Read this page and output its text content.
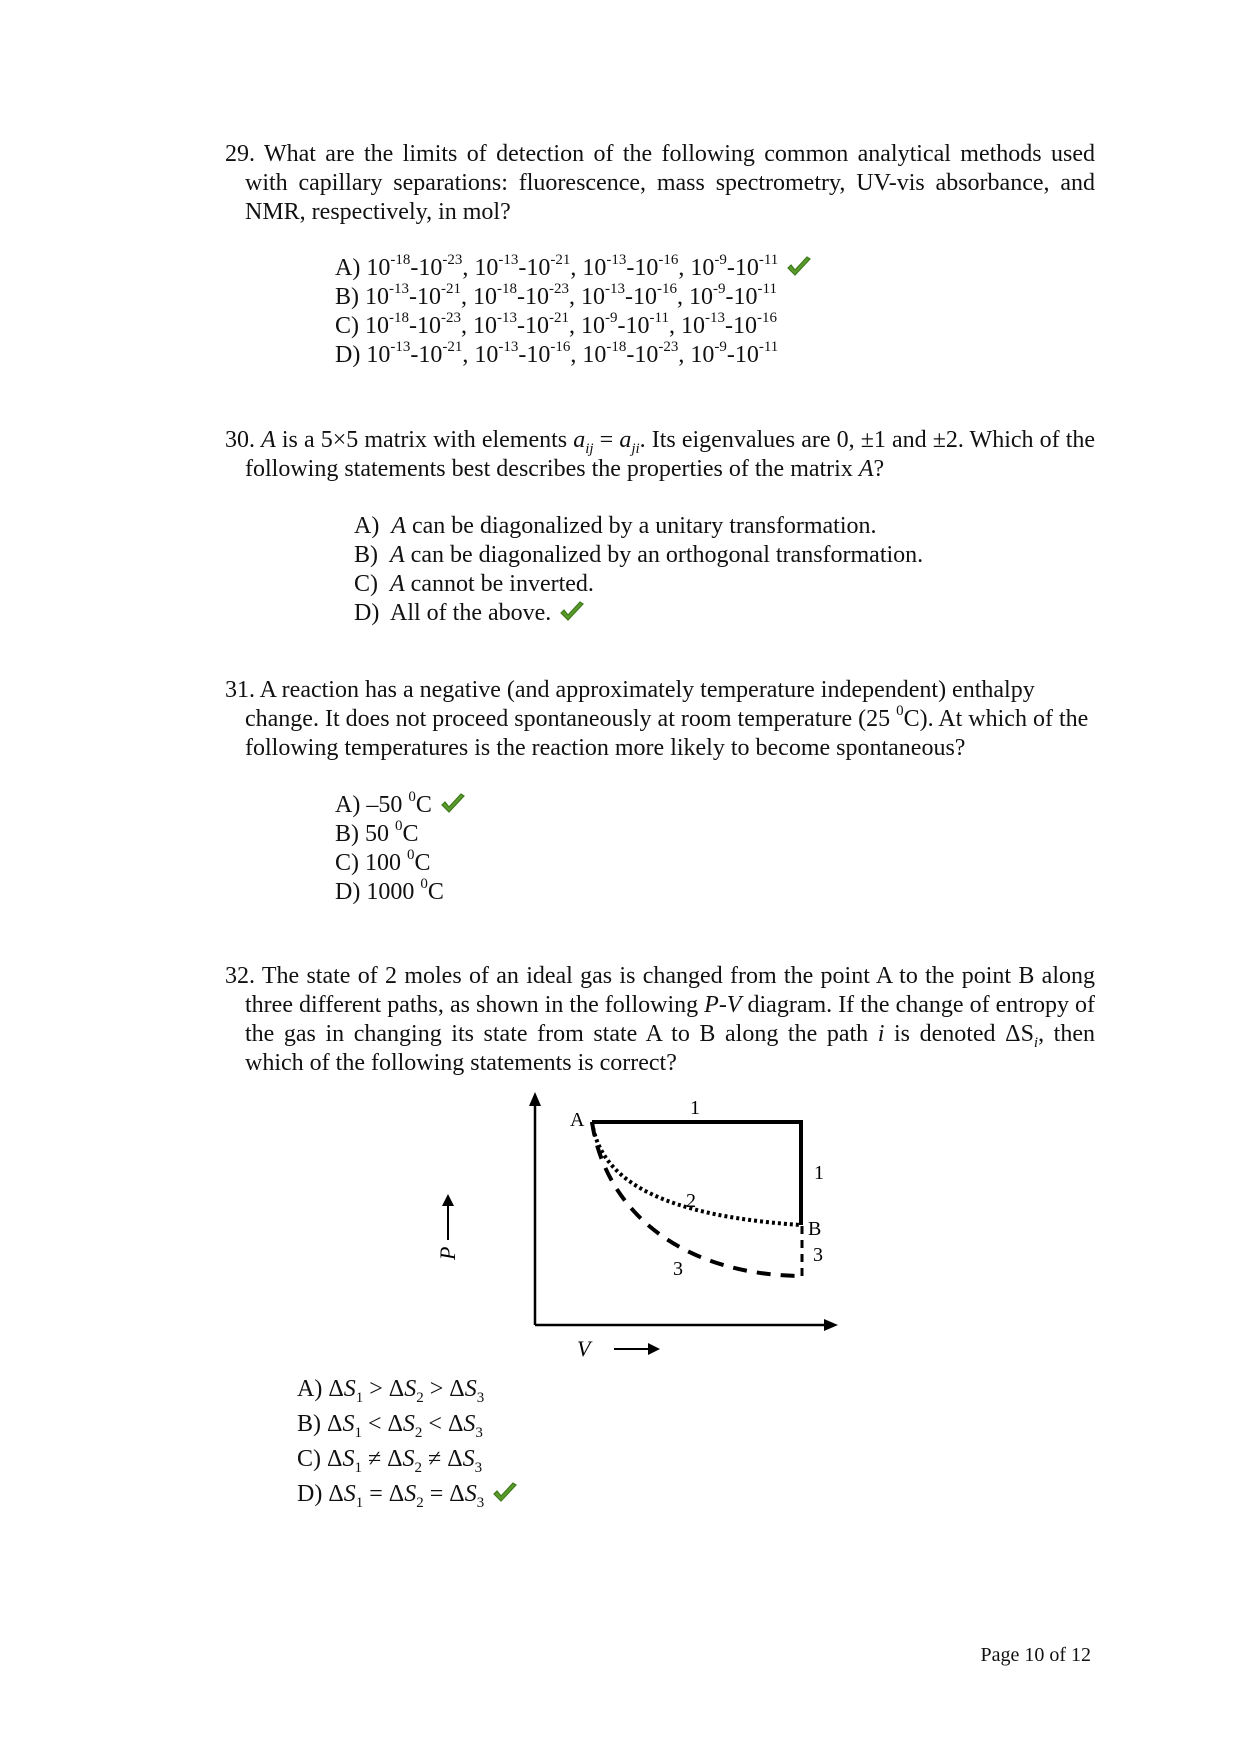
29. What are the limits of detection of the following common analytical methods used with capillary separations: fluorescence, mass spectrometry, UV-vis absorbance, and NMR, respectively, in mol?
A) $10^{-18}-10^{-23}$, $10^{-13}-10^{-21}$, $10^{-13}-10^{-16}$, $10^{-9}-10^{-11}$
B) $10^{-13}-10^{-21}$, $10^{-18}-10^{-23}$, $10^{-13}-10^{-16}$, $10^{-9}-10^{-11}$
C) $10^{-18}-10^{-23}$, $10^{-13}-10^{-21}$, $10^{-9}-10^{-11}$, $10^{-13}-10^{-16}$
D) $10^{-13}-10^{-21}$, $10^{-13}-10^{-16}$, $10^{-18}-10^{-23}$, $10^{-9}-10^{-11}$
30. A is a 5×5 matrix with elements $a_{ij} = a_{ji}$. Its eigenvalues are 0, ±1 and ±2. Which of the following statements best describes the properties of the matrix A?
A) A can be diagonalized by a unitary transformation.
B) A can be diagonalized by an orthogonal transformation.
C) A cannot be inverted.
D) All of the above.
31. A reaction has a negative (and approximately temperature independent) enthalpy change. It does not proceed spontaneously at room temperature (25 $^0$C). At which of the following temperatures is the reaction more likely to become spontaneous?
A) –50 $^0$C
B) 50 $^0$C
C) 100 $^0$C
D) 1000 $^0$C
32. The state of 2 moles of an ideal gas is changed from the point A to the point B along three different paths, as shown in the following P-V diagram. If the change of entropy of the gas in changing its state from state A to B along the path i is denoted $\Delta S_i$, then which of the following statements is correct?
A
B
1
1
2
3
3
P
V
A) $\Delta S_1 > \Delta S_2 > \Delta S_3$
B) $\Delta S_1 < \Delta S_2 < \Delta S_3$
C) $\Delta S_1 \ne \Delta S_2 \ne \Delta S_3$
D) $\Delta S_1 = \Delta S_2 = \Delta S_3$
Page 10 of 12
